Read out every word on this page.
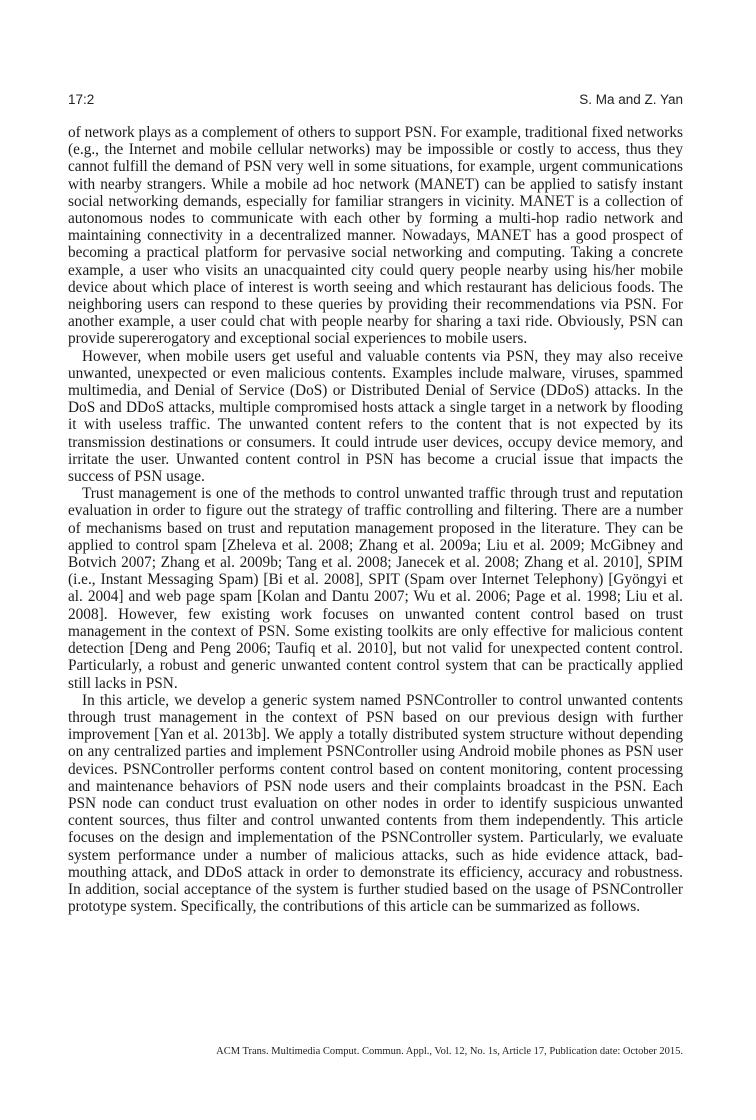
17:2	S. Ma and Z. Yan

of network plays as a complement of others to support PSN. For example, traditional fixed networks (e.g., the Internet and mobile cellular networks) may be impossible or costly to access, thus they cannot fulfill the demand of PSN very well in some situations, for example, urgent communications with nearby strangers. While a mobile ad hoc network (MANET) can be applied to satisfy instant social networking demands, especially for familiar strangers in vicinity. MANET is a collection of autonomous nodes to communicate with each other by forming a multi-hop radio network and maintaining connectivity in a decentralized manner. Nowadays, MANET has a good prospect of becoming a practical platform for pervasive social networking and computing. Taking a concrete example, a user who visits an unacquainted city could query people nearby using his/her mobile device about which place of interest is worth seeing and which restaurant has delicious foods. The neighboring users can respond to these queries by providing their recommendations via PSN. For another example, a user could chat with people nearby for sharing a taxi ride. Obviously, PSN can provide supererogatory and exceptional social experiences to mobile users.

However, when mobile users get useful and valuable contents via PSN, they may also receive unwanted, unexpected or even malicious contents. Examples include malware, viruses, spammed multimedia, and Denial of Service (DoS) or Distributed Denial of Service (DDoS) attacks. In the DoS and DDoS attacks, multiple compromised hosts attack a single target in a network by flooding it with useless traffic. The unwanted content refers to the content that is not expected by its transmission destinations or consumers. It could intrude user devices, occupy device memory, and irritate the user. Unwanted content control in PSN has become a crucial issue that impacts the success of PSN usage.

Trust management is one of the methods to control unwanted traffic through trust and reputation evaluation in order to figure out the strategy of traffic controlling and filtering. There are a number of mechanisms based on trust and reputation management proposed in the literature. They can be applied to control spam [Zheleva et al. 2008; Zhang et al. 2009a; Liu et al. 2009; McGibney and Botvich 2007; Zhang et al. 2009b; Tang et al. 2008; Janecek et al. 2008; Zhang et al. 2010], SPIM (i.e., Instant Messaging Spam) [Bi et al. 2008], SPIT (Spam over Internet Telephony) [Gyöngyi et al. 2004] and web page spam [Kolan and Dantu 2007; Wu et al. 2006; Page et al. 1998; Liu et al. 2008]. However, few existing work focuses on unwanted content control based on trust management in the context of PSN. Some existing toolkits are only effective for malicious content detection [Deng and Peng 2006; Taufiq et al. 2010], but not valid for unexpected content control. Particularly, a robust and generic unwanted content control system that can be practically applied still lacks in PSN.

In this article, we develop a generic system named PSNController to control unwanted contents through trust management in the context of PSN based on our previous design with further improvement [Yan et al. 2013b]. We apply a totally distributed system structure without depending on any centralized parties and implement PSNController using Android mobile phones as PSN user devices. PSNController performs content control based on content monitoring, content processing and maintenance behaviors of PSN node users and their complaints broadcast in the PSN. Each PSN node can conduct trust evaluation on other nodes in order to identify suspicious unwanted content sources, thus filter and control unwanted contents from them independently. This article focuses on the design and implementation of the PSNController system. Particularly, we evaluate system performance under a number of malicious attacks, such as hide evidence attack, bad-mouthing attack, and DDoS attack in order to demonstrate its efficiency, accuracy and robustness. In addition, social acceptance of the system is further studied based on the usage of PSNController prototype system. Specifically, the contributions of this article can be summarized as follows.

ACM Trans. Multimedia Comput. Commun. Appl., Vol. 12, No. 1s, Article 17, Publication date: October 2015.
